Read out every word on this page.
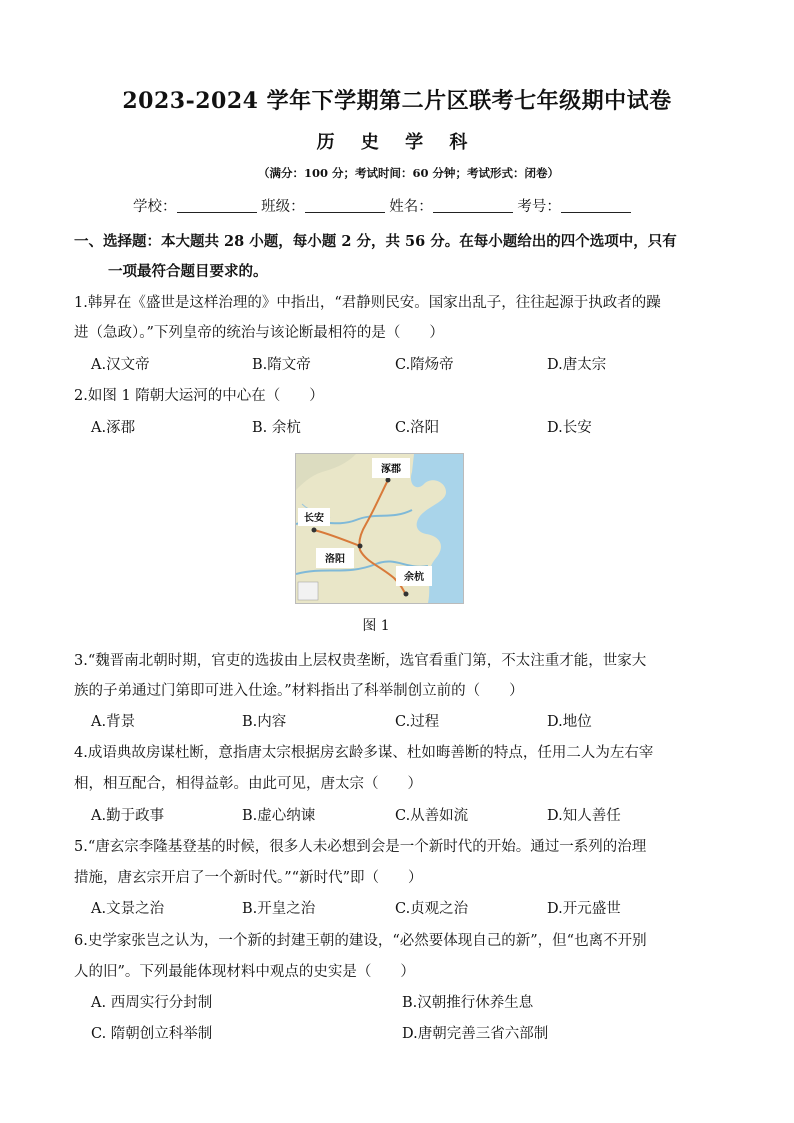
2023-2024 学年下学期第二片区联考七年级期中试卷
历 史 学 科
（满分：100 分；考试时间：60 分钟；考试形式：闭卷）
学校：	班级：	姓名：	考号：
一、选择题：本大题共 28 小题，每小题 2 分，共 56 分。在每小题给出的四个选项中，只有
一项最符合题目要求的。
1.韩昇在《盛世是这样治理的》中指出，“君静则民安。国家出乱子，往往起源于执政者的躁
进（急政）。”下列皇帝的统治与该论断最相符的是（　　）
A.汉文帝	B.隋文帝	C.隋炀帝	D.唐太宗
2.如图 1 隋朝大运河的中心在（　　）
A.涿郡	B. 余杭	C.洛阳	D.长安
涿郡
长安
洛阳
余杭
图 1
3.“魏晋南北朝时期，官吏的选拔由上层权贵垄断，选官看重门第，不太注重才能，世家大
族的子弟通过门第即可进入仕途。”材料指出了科举制创立前的（　　）
A.背景	B.内容	C.过程	D.地位
4.成语典故房谋杜断，意指唐太宗根据房玄龄多谋、杜如晦善断的特点，任用二人为左右宰
相，相互配合，相得益彰。由此可见，唐太宗（　　）
A.勤于政事	B.虚心纳谏	C.从善如流	D.知人善任
5.“唐玄宗李隆基登基的时候，很多人未必想到会是一个新时代的开始。通过一系列的治理
措施，唐玄宗开启了一个新时代。”“新时代”即（　　）
A.文景之治	B.开皇之治	C.贞观之治	D.开元盛世
6.史学家张岂之认为，一个新的封建王朝的建设，“必然要体现自己的新”，但“也离不开别
人的旧”。下列最能体现材料中观点的史实是（　　）
A. 西周实行分封制	B.汉朝推行休养生息
C. 隋朝创立科举制	D.唐朝完善三省六部制
